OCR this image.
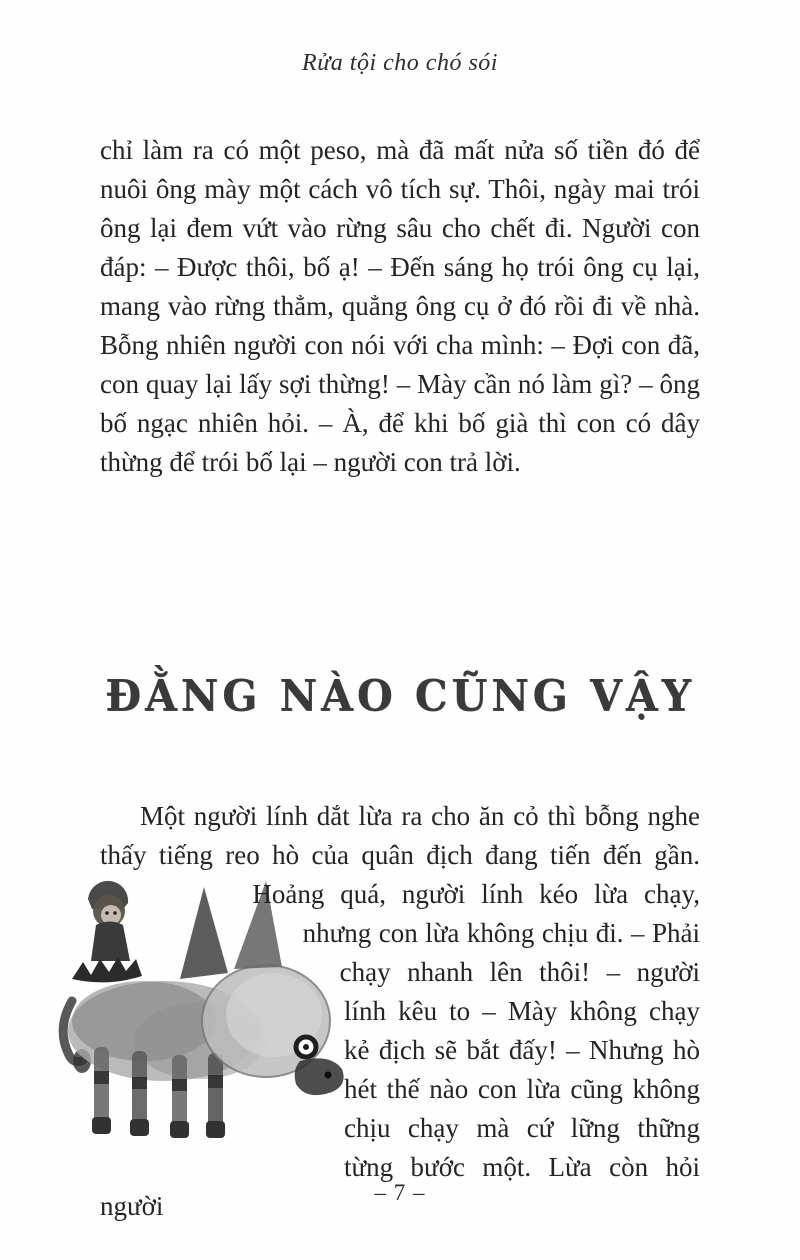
Rửa tội cho chó sói

chỉ làm ra có một peso, mà đã mất nửa số tiền đó để nuôi ông mày một cách vô tích sự. Thôi, ngày mai trói ông lại đem vứt vào rừng sâu cho chết đi. Người con đáp: – Được thôi, bố ạ! – Đến sáng họ trói ông cụ lại, mang vào rừng thẳm, quẳng ông cụ ở đó rồi đi về nhà. Bỗng nhiên người con nói với cha mình: – Đợi con đã, con quay lại lấy sợi thừng! – Mày cần nó làm gì? – ông bố ngạc nhiên hỏi. – À, để khi bố già thì con có dây thừng để trói bố lại – người con trả lời.

ĐẰNG NÀO CŨNG VẬY

Một người lính dắt lừa ra cho ăn cỏ thì bỗng nghe thấy tiếng reo hò của quân địch đang tiến đến
gần. Hoảng quá, người lính kéo lừa chạy, nhưng con lừa không chịu đi. – Phải chạy nhanh lên thôi! – người lính kêu to – Mày không chạy kẻ địch sẽ bắt đấy! – Nhưng hò hét thế nào con lừa cũng không chịu chạy mà cứ lững thững từng bước một. Lừa còn hỏi người	– 7 –
